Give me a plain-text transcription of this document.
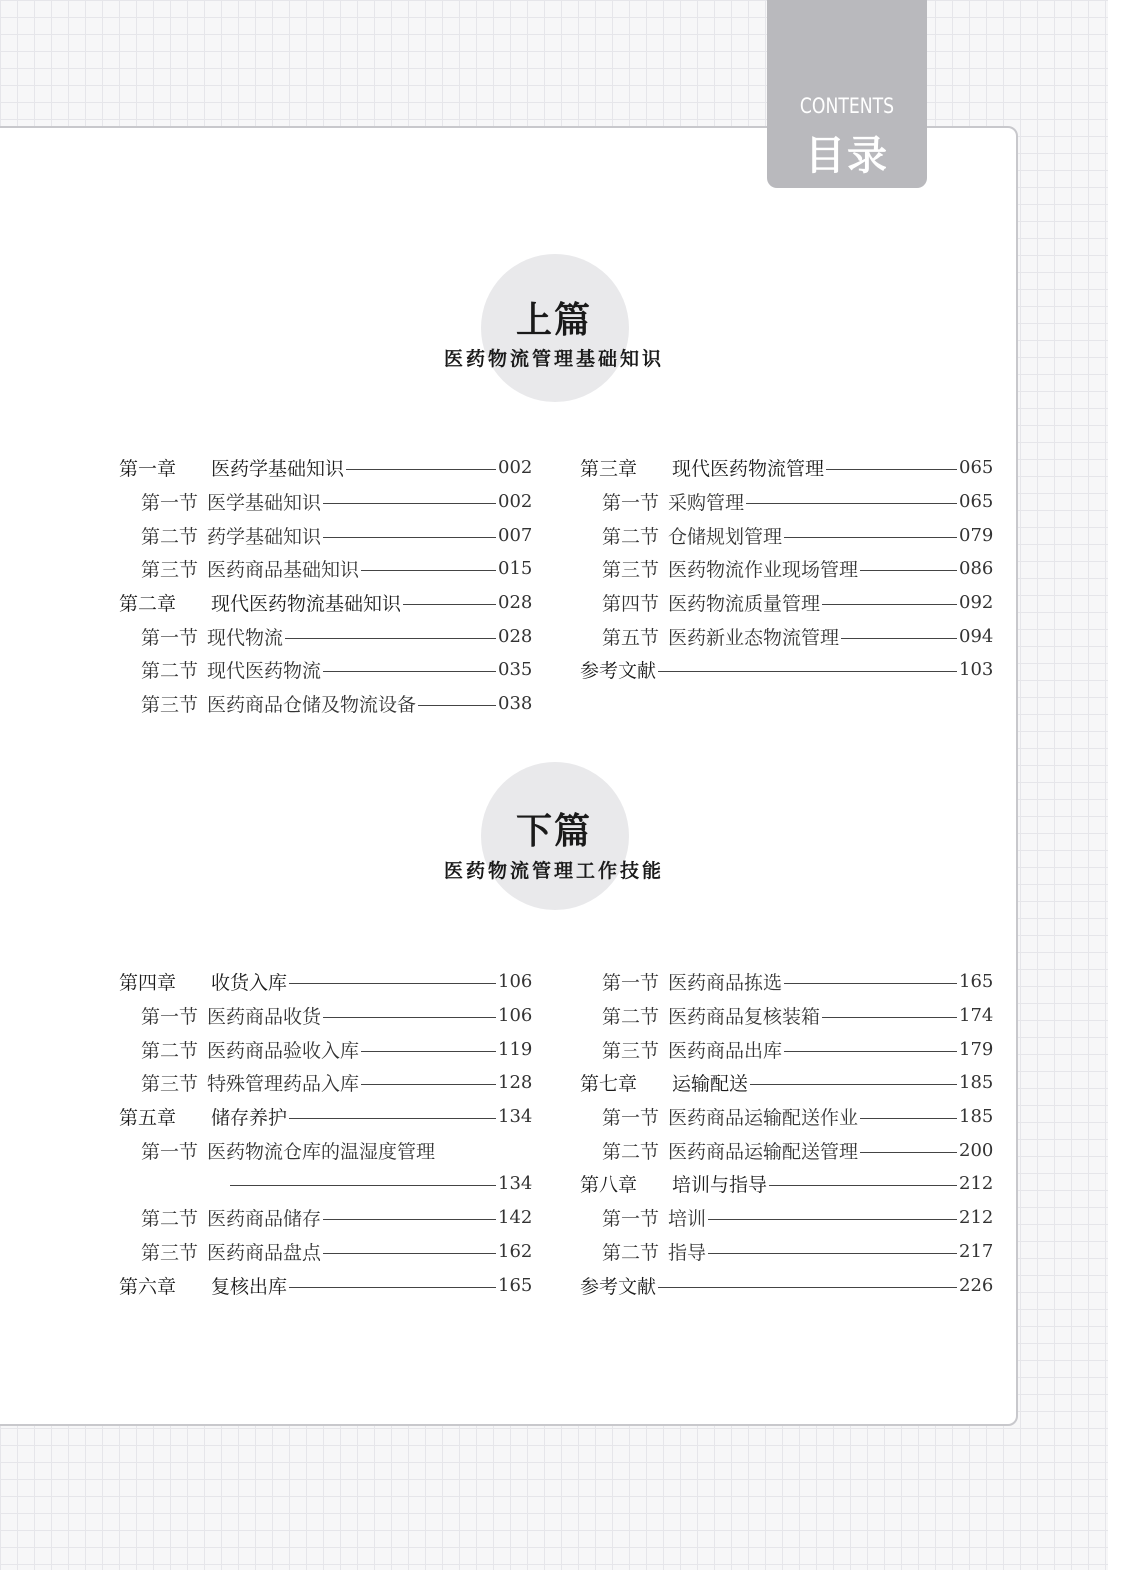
CONTENTS
目录
上篇
医药物流管理基础知识
第一章	医药学基础知识	002
第一节 医学基础知识	002
第二节 药学基础知识	007
第三节 医药商品基础知识	015
第二章	现代医药物流基础知识	028
第一节 现代物流	028
第二节 现代医药物流	035
第三节 医药商品仓储及物流设备	038
第三章	现代医药物流管理	065
第一节 采购管理	065
第二节 仓储规划管理	079
第三节 医药物流作业现场管理	086
第四节 医药物流质量管理	092
第五节 医药新业态物流管理	094
参考文献	103
下篇
医药物流管理工作技能
第四章	收货入库	106
第一节 医药商品收货	106
第二节 医药商品验收入库	119
第三节 特殊管理药品入库	128
第五章	储存养护	134
第一节 医药物流仓库的温湿度管理
134
第二节 医药商品储存	142
第三节 医药商品盘点	162
第六章	复核出库	165
第一节 医药商品拣选	165
第二节 医药商品复核装箱	174
第三节 医药商品出库	179
第七章	运输配送	185
第一节 医药商品运输配送作业	185
第二节 医药商品运输配送管理	200
第八章	培训与指导	212
第一节 培训	212
第二节 指导	217
参考文献	226
